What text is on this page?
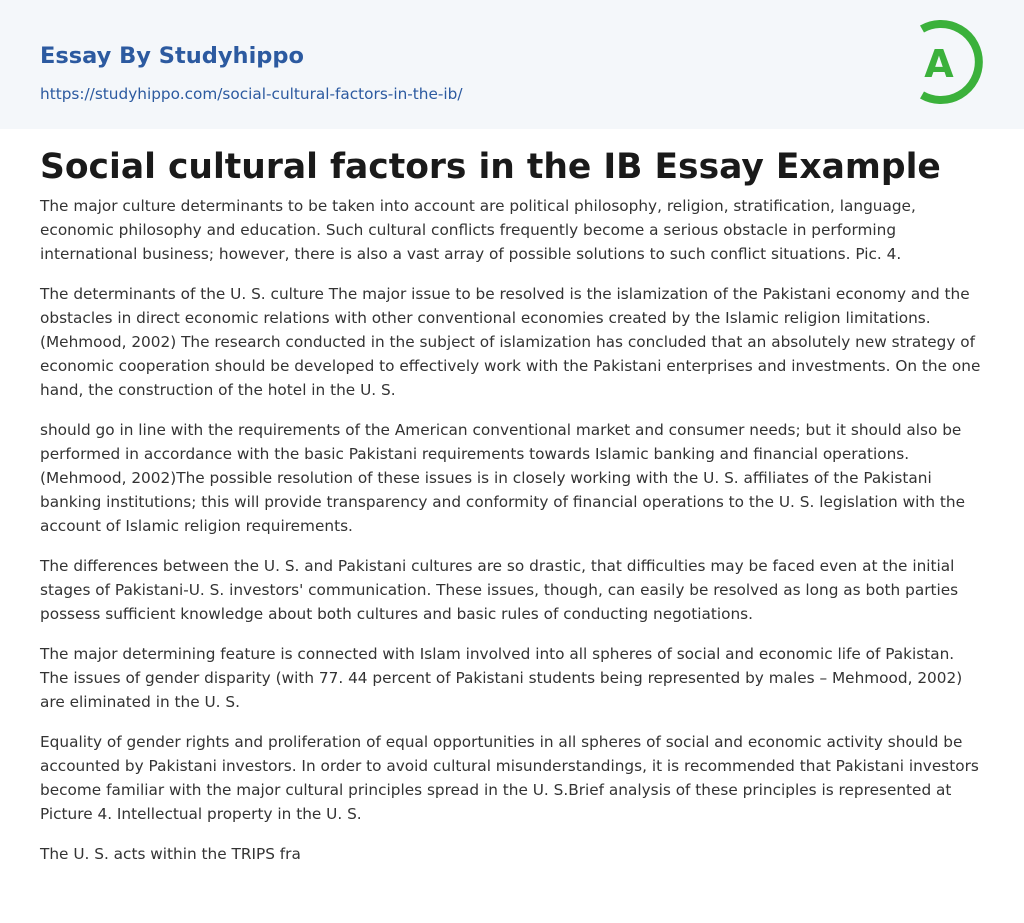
Essay By Studyhippo
https://studyhippo.com/social-cultural-factors-in-the-ib/
A
Social cultural factors in the IB Essay Example

The major culture determinants to be taken into account are political philosophy, religion, stratification, language, economic philosophy and education. Such cultural conflicts frequently become a serious obstacle in performing international business; however, there is also a vast array of possible solutions to such conflict situations. Pic. 4.

The determinants of the U. S. culture The major issue to be resolved is the islamization of the Pakistani economy and the obstacles in direct economic relations with other conventional economies created by the Islamic religion limitations.(Mehmood, 2002) The research conducted in the subject of islamization has concluded that an absolutely new strategy of economic cooperation should be developed to effectively work with the Pakistani enterprises and investments. On the one hand, the construction of the hotel in the U. S.

should go in line with the requirements of the American conventional market and consumer needs; but it should also be performed in accordance with the basic Pakistani requirements towards Islamic banking and financial operations. (Mehmood, 2002)The possible resolution of these issues is in closely working with the U. S. affiliates of the Pakistani banking institutions; this will provide transparency and conformity of financial operations to the U. S. legislation with the account of Islamic religion requirements.

The differences between the U. S. and Pakistani cultures are so drastic, that difficulties may be faced even at the initial stages of Pakistani-U. S. investors' communication. These issues, though, can easily be resolved as long as both parties possess sufficient knowledge about both cultures and basic rules of conducting negotiations.

The major determining feature is connected with Islam involved into all spheres of social and economic life of Pakistan. The issues of gender disparity (with 77. 44 percent of Pakistani students being represented by males – Mehmood, 2002) are eliminated in the U. S.

Equality of gender rights and proliferation of equal opportunities in all spheres of social and economic activity should be accounted by Pakistani investors. In order to avoid cultural misunderstandings, it is recommended that Pakistani investors become familiar with the major cultural principles spread in the U. S.Brief analysis of these principles is represented at Picture 4. Intellectual property in the U. S.

The U. S. acts within the TRIPS fra
